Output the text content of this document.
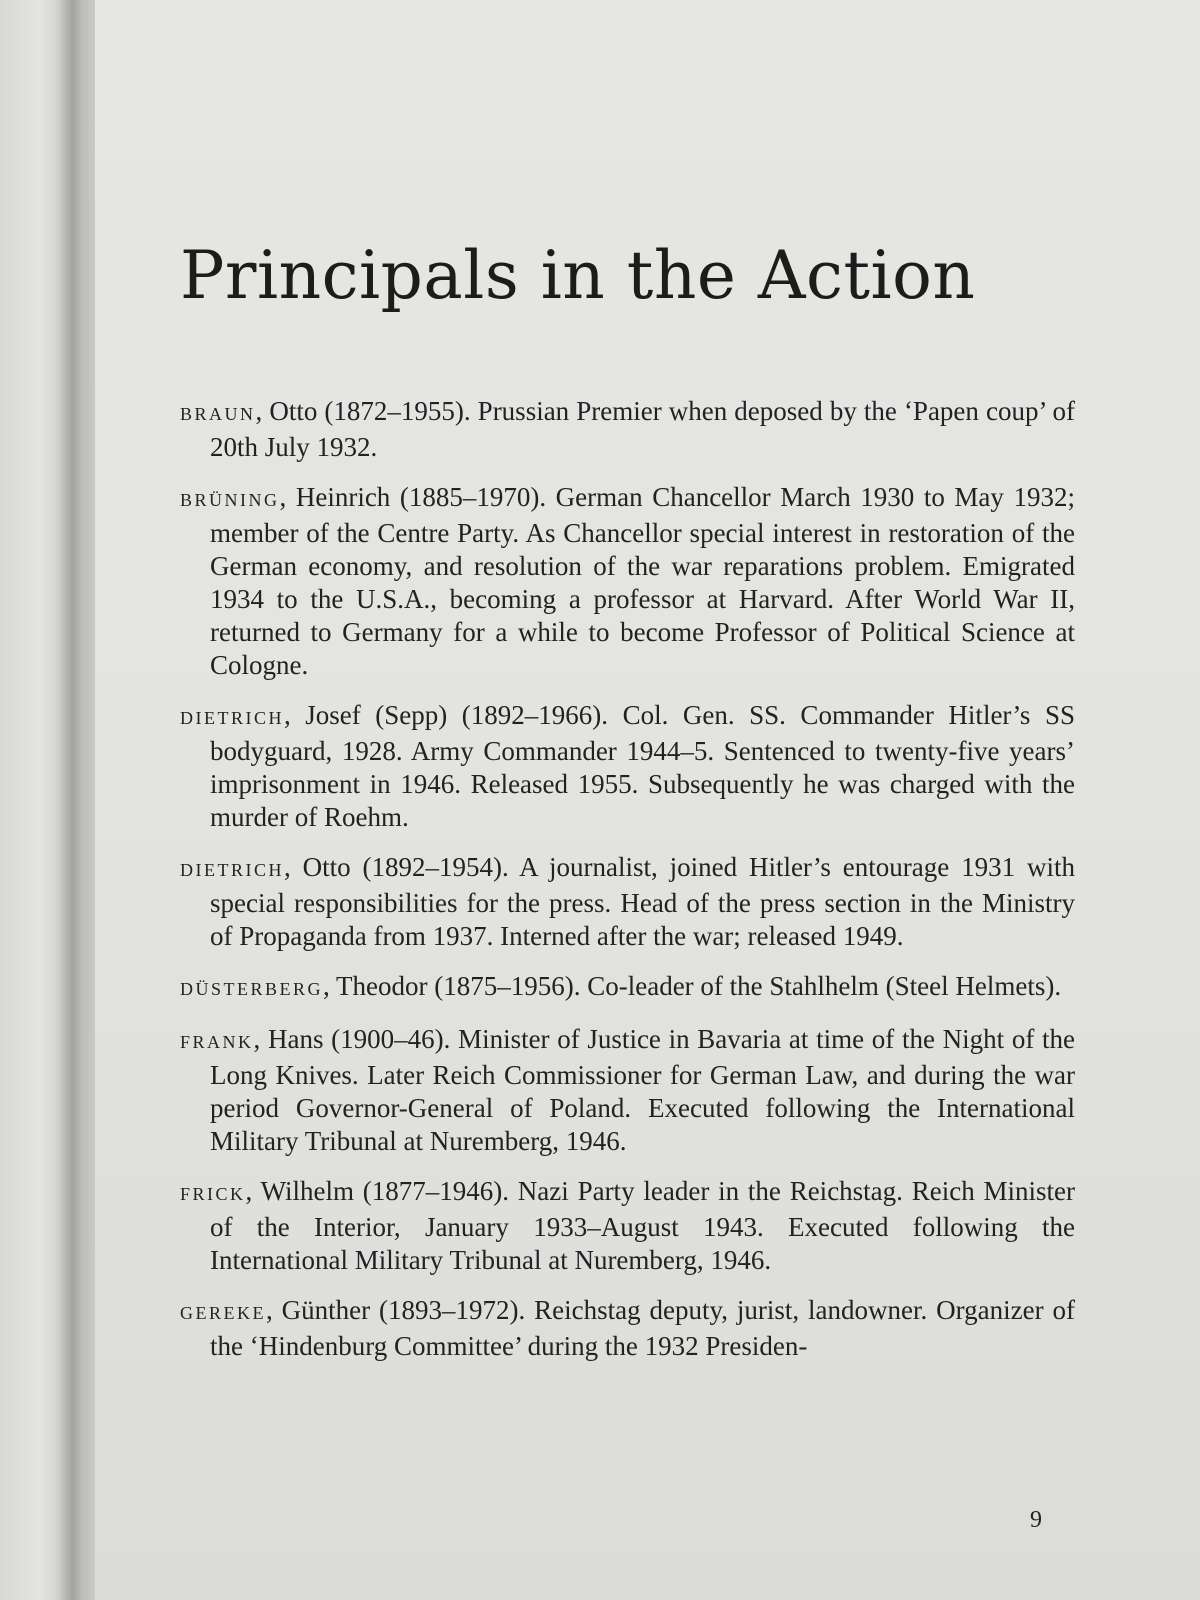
Principals in the Action

BRAUN, Otto (1872–1955). Prussian Premier when deposed by the ‘Papen coup’ of 20th July 1932.

BRÜNING, Heinrich (1885–1970). German Chancellor March 1930 to May 1932; member of the Centre Party. As Chancellor special interest in restoration of the German economy, and resolution of the war reparations problem. Emigrated 1934 to the U.S.A., becoming a professor at Harvard. After World War II, returned to Germany for a while to become Professor of Political Science at Cologne.

DIETRICH, Josef (Sepp) (1892–1966). Col. Gen. SS. Commander Hitler’s SS bodyguard, 1928. Army Commander 1944–5. Sentenced to twenty-five years’ imprisonment in 1946. Released 1955. Subsequently he was charged with the murder of Roehm.

DIETRICH, Otto (1892–1954). A journalist, joined Hitler’s entourage 1931 with special responsibilities for the press. Head of the press section in the Ministry of Propaganda from 1937. Interned after the war; released 1949.

DÜSTERBERG, Theodor (1875–1956). Co-leader of the Stahlhelm (Steel Helmets).

FRANK, Hans (1900–46). Minister of Justice in Bavaria at time of the Night of the Long Knives. Later Reich Commissioner for German Law, and during the war period Governor-General of Poland. Executed following the International Military Tribunal at Nuremberg, 1946.

FRICK, Wilhelm (1877–1946). Nazi Party leader in the Reichstag. Reich Minister of the Interior, January 1933–August 1943. Executed following the International Military Tribunal at Nuremberg, 1946.

GEREKE, Günther (1893–1972). Reichstag deputy, jurist, landowner. Organizer of the ‘Hindenburg Committee’ during the 1932 Presiden-

9
